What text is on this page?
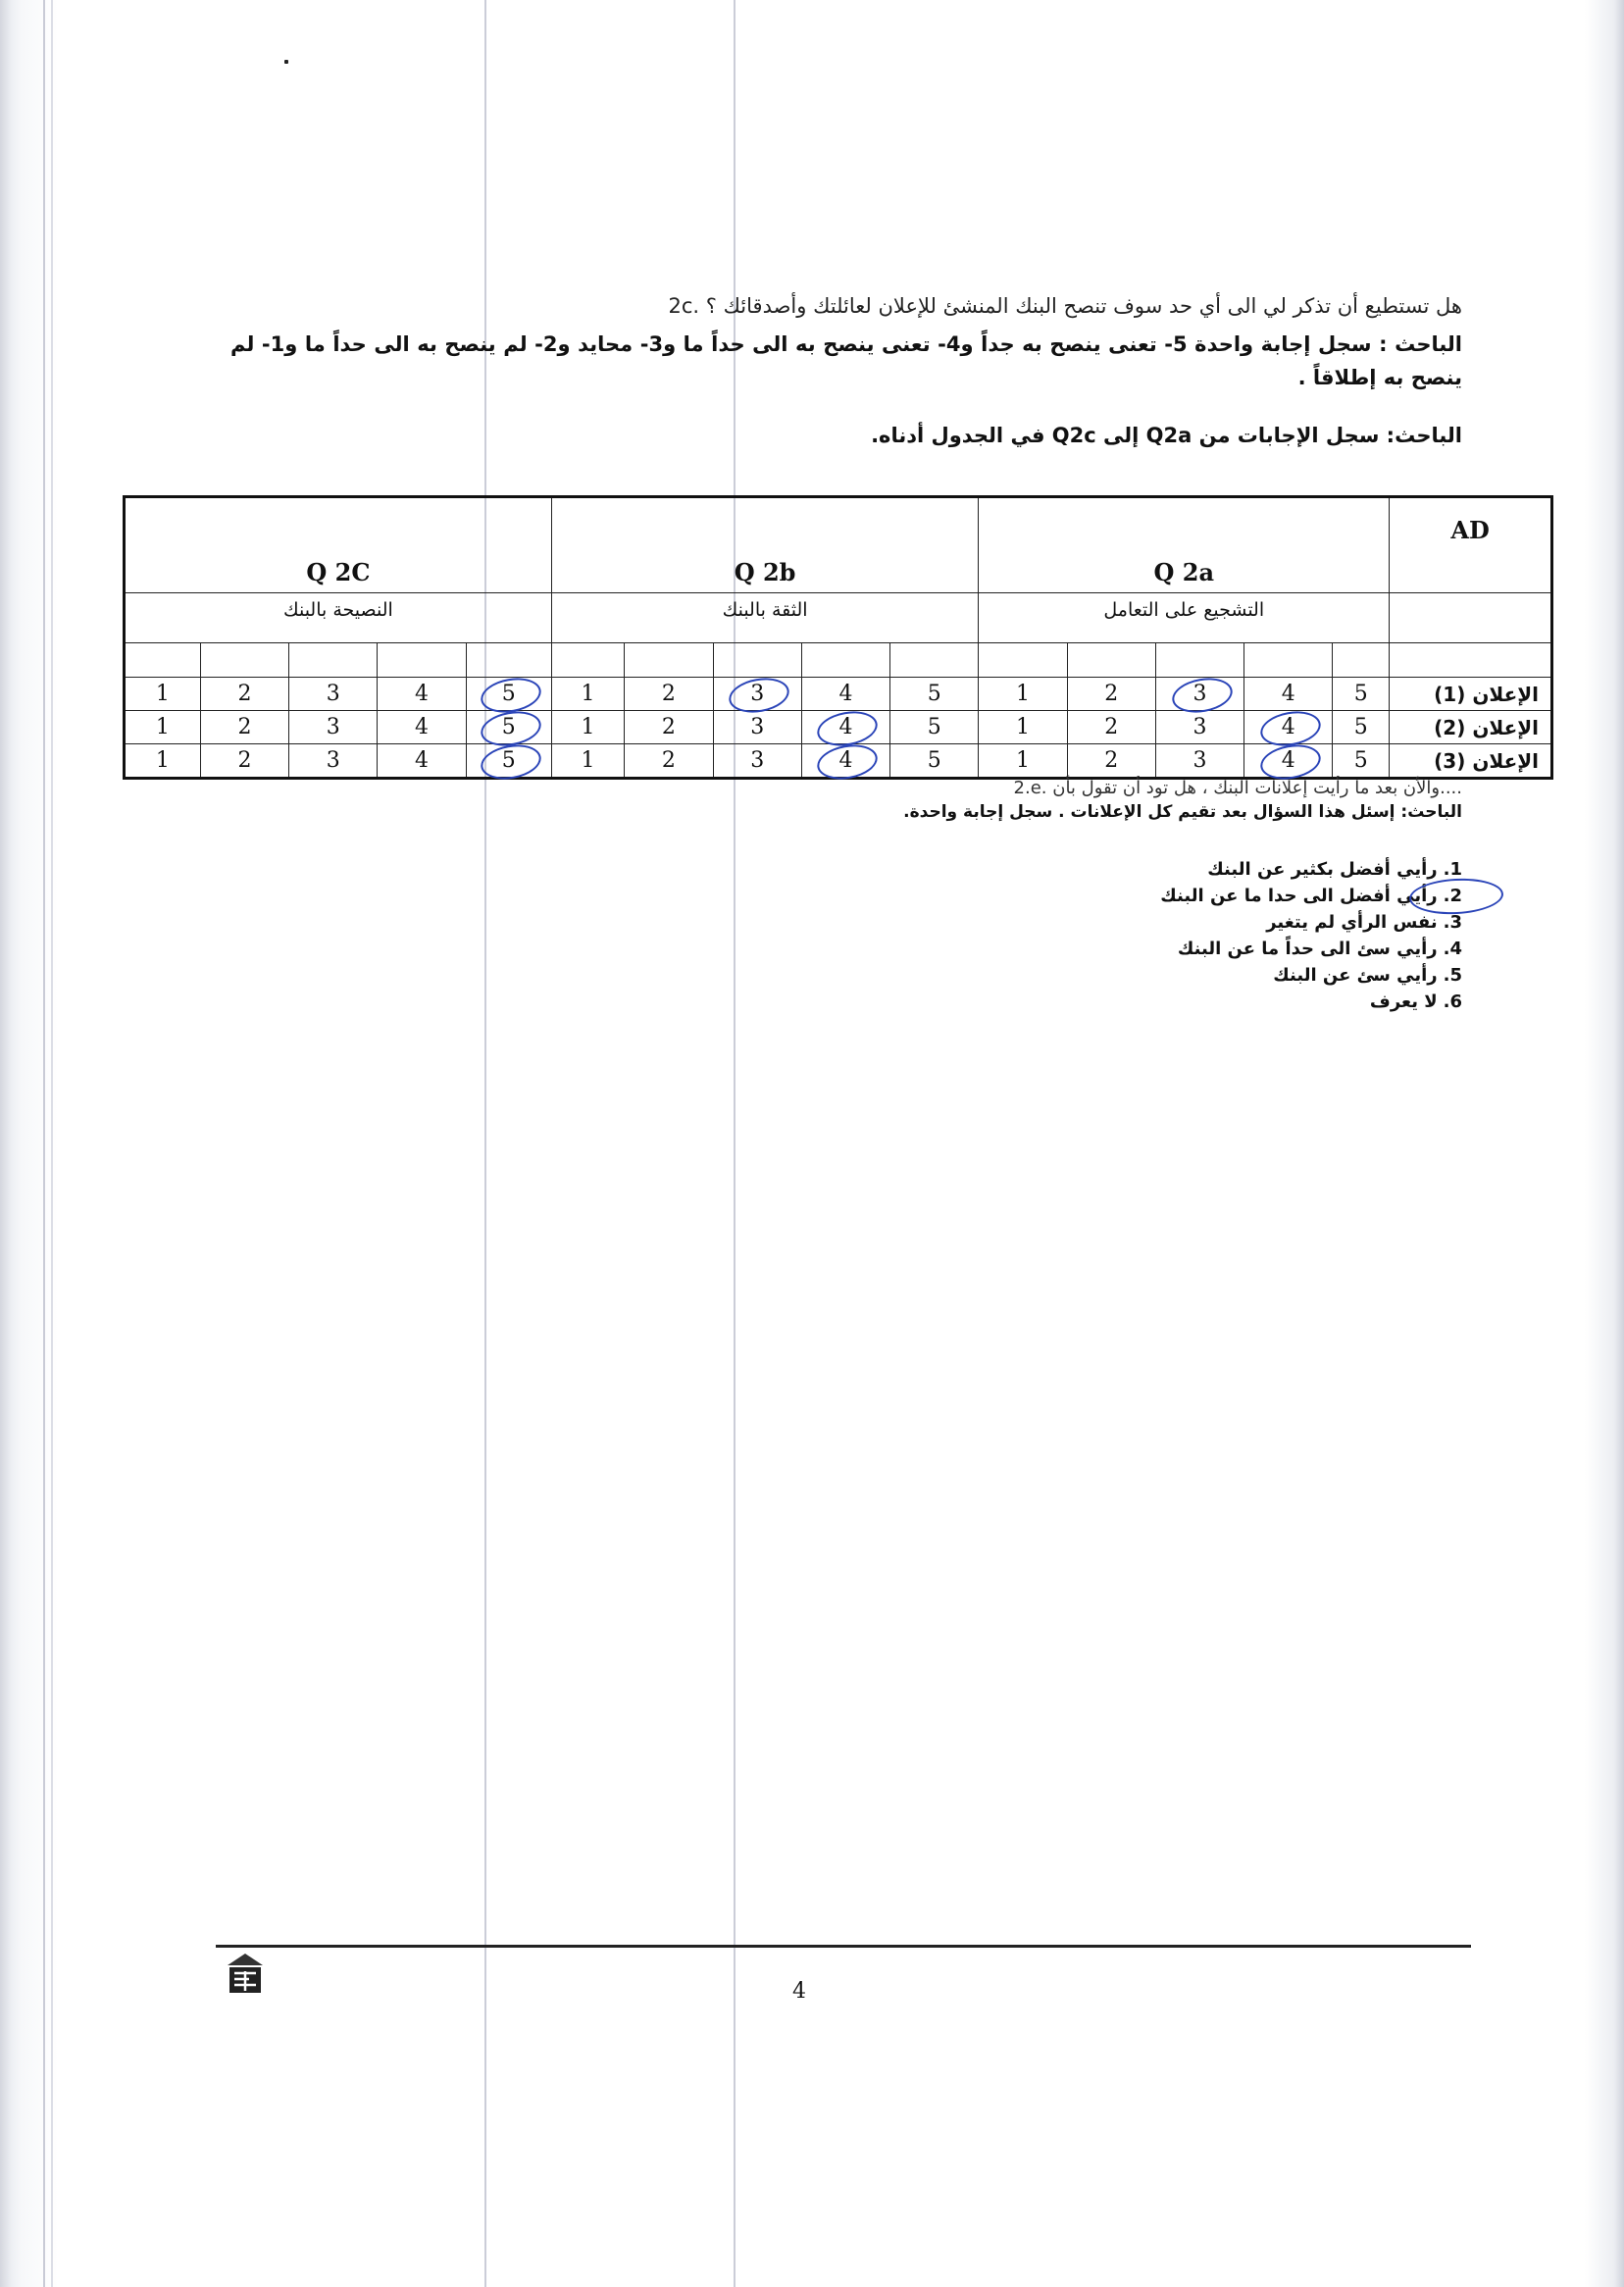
2c. هل تستطيع أن تذكر لي الى أي حد سوف تنصح البنك المنشئ للإعلان لعائلتك وأصدقائك ؟
الباحث : سجل إجابة واحدة 5- تعنى ينصح به جداً و4- تعنى ينصح به الى حداً ما و3- محايد و2- لم ينصح به الى حداً ما و1- لم ينصح به إطلاقاً .
الباحث: سجل الإجابات من Q2a إلى Q2c في الجدول أدناه.
AD	Q 2a					Q 2b					Q 2C				
	التشجيع على التعامل					الثقة بالبنك					النصيحة بالبنك				

الإعلان (1)	5	4	3	2	1	5	4	3	2	1	5	4	3	2	1
الإعلان (2)	5	4	3	2	1	5	4	3	2	1	5	4	3	2	1
الإعلان (3)	5	4	3	2	1	5	4	3	2	1	5	4	3	2	1
2.e. والأن بعد ما رأيت إعلانات البنك ، هل تود أن تقول بأن....
الباحث: إسئل هذا السؤال بعد تقيم كل الإعلانات . سجل إجابة واحدة.
1.رأيي أفضل بكثير عن البنك
2.رأيي أفضل الى حدا ما عن البنك
3.نفس الرأي لم يتغير
4.رأيي سئ الى حداً ما عن البنك
5.رأيي سئ عن البنك
6.لا يعرف
4
